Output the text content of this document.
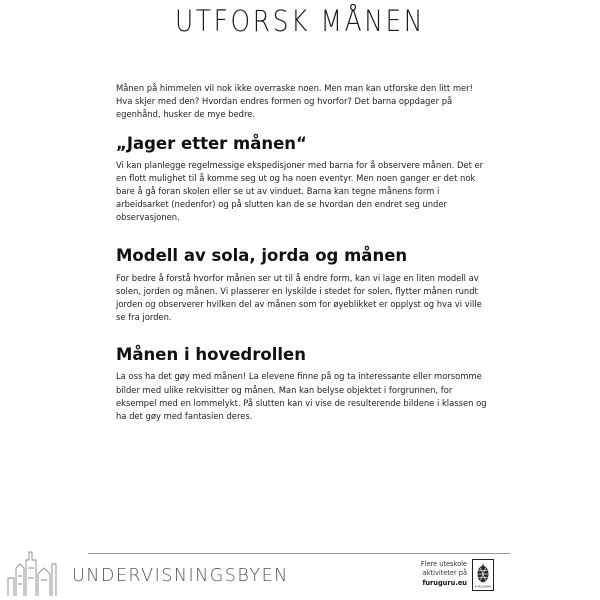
UTFORSK MÅNEN

Månen på himmelen vil nok ikke overraske noen. Men man kan utforske den litt mer! Hva skjer med den? Hvordan endres formen og hvorfor? Det barna oppdager på egenhånd, husker de mye bedre.

„Jager etter månen“

Vi kan planlegge regelmessige ekspedisjoner med barna for å observere månen. Det er en flott mulighet til å komme seg ut og ha noen eventyr. Men noen ganger er det nok bare å gå foran skolen eller se ut av vinduet. Barna kan tegne månens form i arbeidsarket (nedenfor) og på slutten kan de se hvordan den endret seg under observasjonen.

Modell av sola, jorda og månen

For bedre å forstå hvorfor månen ser ut til å endre form, kan vi lage en liten modell av solen, jorden og månen. Vi plasserer en lyskilde i stedet for solen, flytter månen rundt jorden og observerer hvilken del av månen som for øyeblikket er opplyst og hva vi ville se fra jorden.

Månen i hovedrollen

La oss ha det gøy med månen! La elevene finne på og ta interessante eller morsomme bilder med ulike rekvisitter og månen. Man kan belyse objektet i forgrunnen, for eksempel med en lommelykt. På slutten kan vi vise de resulterende bildene i klassen og ha det gøy med fantasien deres.

UNDERVISNINGSBYEN
Flere uteskole
aktiviteter på
furuguru.eu
FURUGURU
